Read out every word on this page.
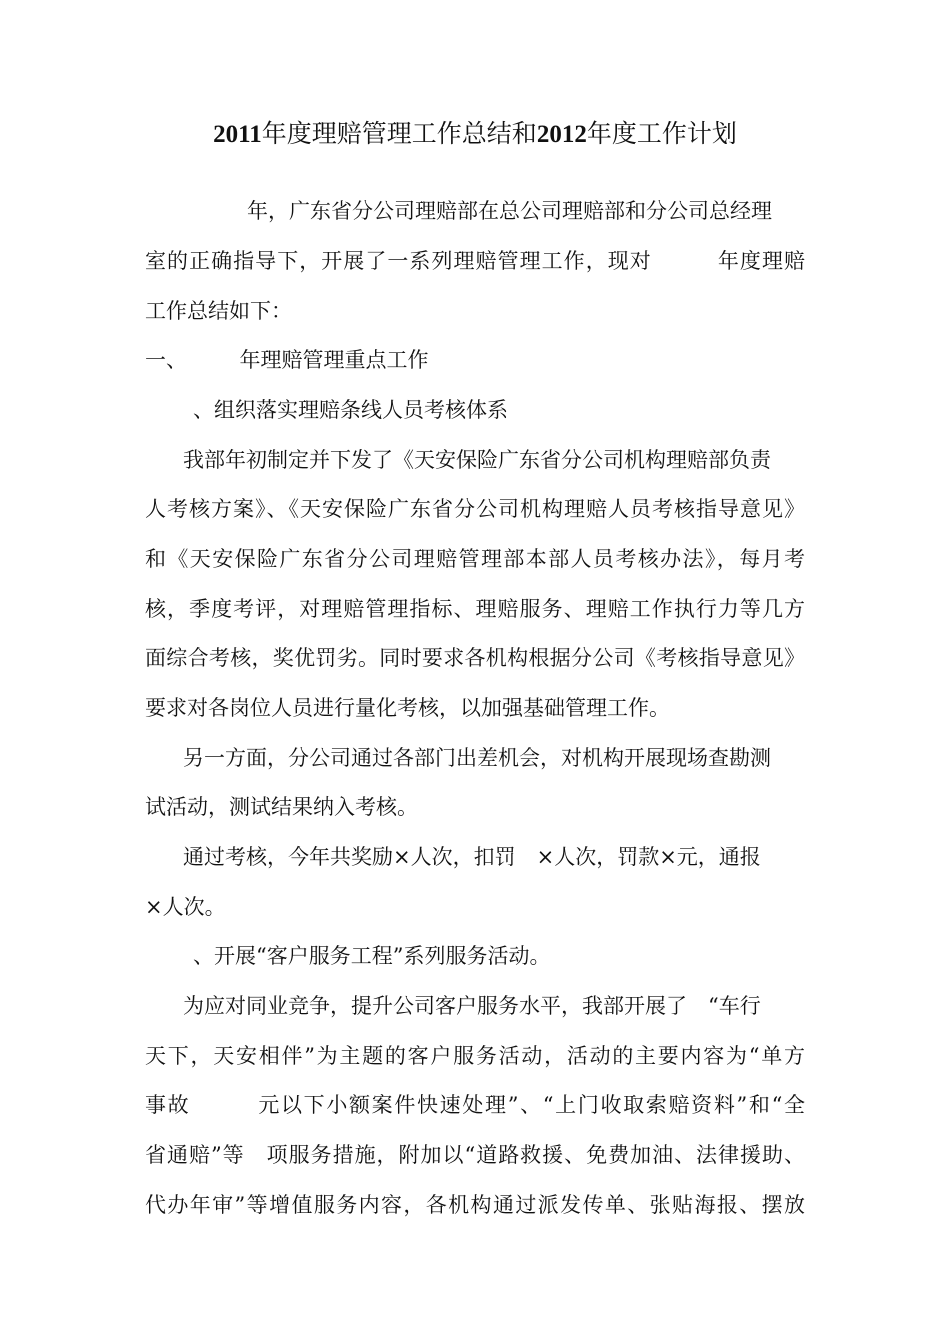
2011年度理赔管理工作总结和2012年度工作计划
年，广东省分公司理赔部在总公司理赔部和分公司总经理
室的正确指导下，开展了一系列理赔管理工作，现对　　　年度理赔
工作总结如下：
一、　　　年理赔管理重点工作
、组织落实理赔条线人员考核体系
我部年初制定并下发了《天安保险广东省分公司机构理赔部负责
人考核方案》、《天安保险广东省分公司机构理赔人员考核指导意见》
和《天安保险广东省分公司理赔管理部本部人员考核办法》，每月考
核，季度考评，对理赔管理指标、理赔服务、理赔工作执行力等几方
面综合考核，奖优罚劣。同时要求各机构根据分公司《考核指导意见》
要求对各岗位人员进行量化考核，以加强基础管理工作。
另一方面，分公司通过各部门出差机会，对机构开展现场查勘测
试活动，测试结果纳入考核。
通过考核，今年共奖励×人次，扣罚　×人次，罚款×元，通报
×人次。
、开展“客户服务工程”系列服务活动。
为应对同业竞争，提升公司客户服务水平，我部开展了　“车行
天下，天安相伴”为主题的客户服务活动，活动的主要内容为“单方
事故　　　元以下小额案件快速处理”、“上门收取索赔资料”和“全
省通赔”等　项服务措施，附加以“道路救援、免费加油、法律援助、
代办年审”等增值服务内容，各机构通过派发传单、张贴海报、摆放
